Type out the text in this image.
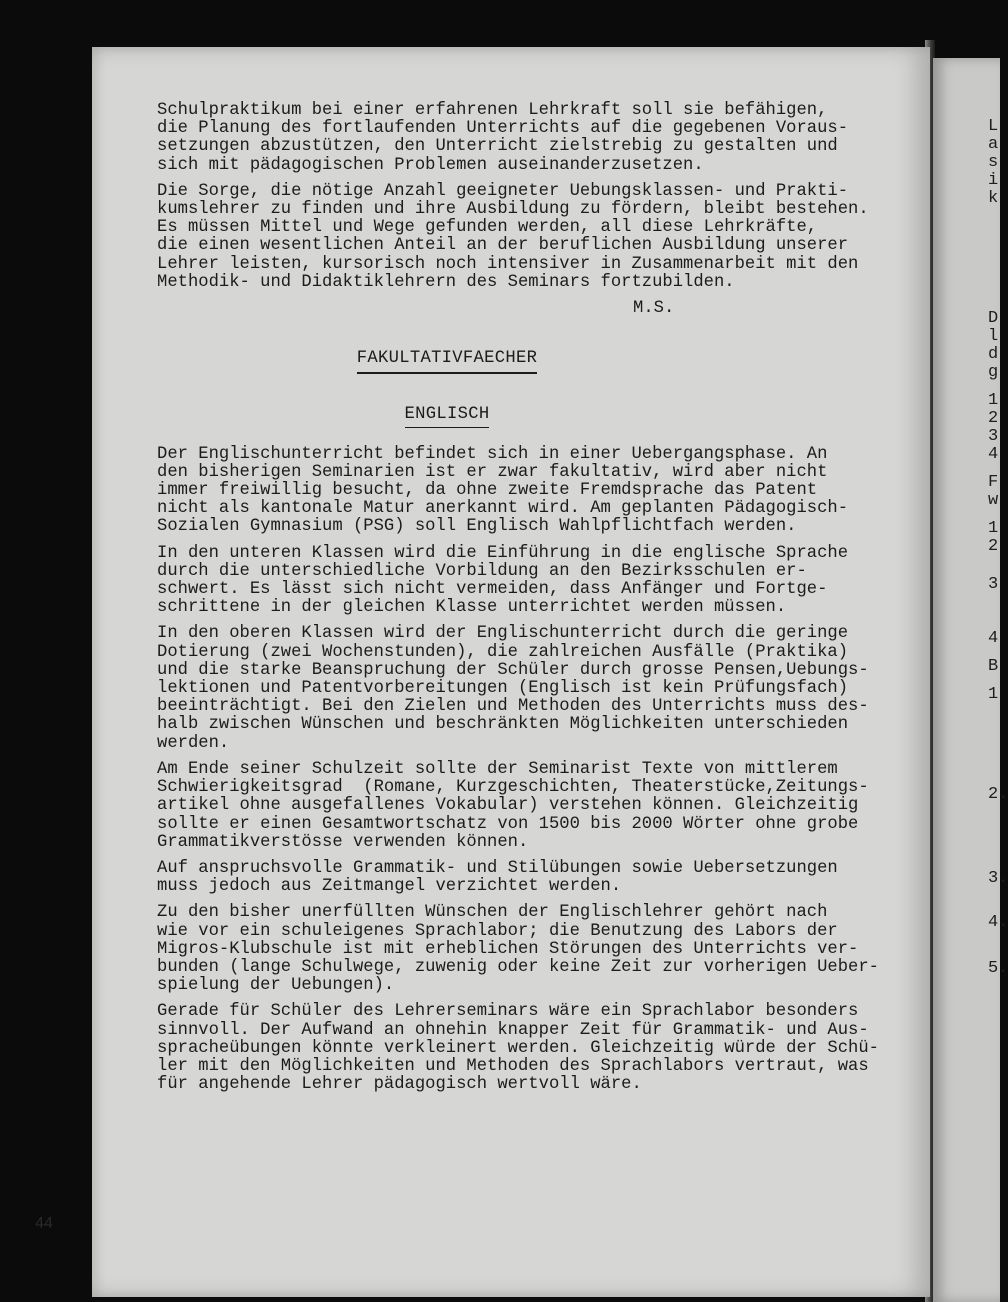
L
a
s
i
k
D
l
d
g
1
2
3
4
F
w
1
2
3
4
B
1
2.
3.
4.
5.
Schulpraktikum bei einer erfahrenen Lehrkraft soll sie befähigen,
die Planung des fortlaufenden Unterrichts auf die gegebenen Voraus-
setzungen abzustützen, den Unterricht zielstrebig zu gestalten und
sich mit pädagogischen Problemen auseinanderzusetzen.
Die Sorge, die nötige Anzahl geeigneter Uebungsklassen- und Prakti-
kumslehrer zu finden und ihre Ausbildung zu fördern, bleibt bestehen.
Es müssen Mittel und Wege gefunden werden, all diese Lehrkräfte,
die einen wesentlichen Anteil an der beruflichen Ausbildung unserer
Lehrer leisten, kursorisch noch intensiver in Zusammenarbeit mit den
Methodik- und Didaktiklehrern des Seminars fortzubilden.
M.S.
FAKULTATIVFAECHER
ENGLISCH
Der Englischunterricht befindet sich in einer Uebergangsphase. An
den bisherigen Seminarien ist er zwar fakultativ, wird aber nicht
immer freiwillig besucht, da ohne zweite Fremdsprache das Patent
nicht als kantonale Matur anerkannt wird. Am geplanten Pädagogisch-
Sozialen Gymnasium (PSG) soll Englisch Wahlpflichtfach werden.
In den unteren Klassen wird die Einführung in die englische Sprache
durch die unterschiedliche Vorbildung an den Bezirksschulen er-
schwert. Es lässt sich nicht vermeiden, dass Anfänger und Fortge-
schrittene in der gleichen Klasse unterrichtet werden müssen.
In den oberen Klassen wird der Englischunterricht durch die geringe
Dotierung (zwei Wochenstunden), die zahlreichen Ausfälle (Praktika)
und die starke Beanspruchung der Schüler durch grosse Pensen,Uebungs-
lektionen und Patentvorbereitungen (Englisch ist kein Prüfungsfach)
beeinträchtigt. Bei den Zielen und Methoden des Unterrichts muss des-
halb zwischen Wünschen und beschränkten Möglichkeiten unterschieden
werden.
Am Ende seiner Schulzeit sollte der Seminarist Texte von mittlerem
Schwierigkeitsgrad  (Romane, Kurzgeschichten, Theaterstücke,Zeitungs-
artikel ohne ausgefallenes Vokabular) verstehen können. Gleichzeitig
sollte er einen Gesamtwortschatz von 1500 bis 2000 Wörter ohne grobe
Grammatikverstösse verwenden können.
Auf anspruchsvolle Grammatik- und Stilübungen sowie Uebersetzungen
muss jedoch aus Zeitmangel verzichtet werden.
Zu den bisher unerfüllten Wünschen der Englischlehrer gehört nach
wie vor ein schuleigenes Sprachlabor; die Benutzung des Labors der
Migros-Klubschule ist mit erheblichen Störungen des Unterrichts ver-
bunden (lange Schulwege, zuwenig oder keine Zeit zur vorherigen Ueber-
spielung der Uebungen).
Gerade für Schüler des Lehrerseminars wäre ein Sprachlabor besonders
sinnvoll. Der Aufwand an ohnehin knapper Zeit für Grammatik- und Aus-
spracheübungen könnte verkleinert werden. Gleichzeitig würde der Schü-
ler mit den Möglichkeiten und Methoden des Sprachlabors vertraut, was
für angehende Lehrer pädagogisch wertvoll wäre.
44
